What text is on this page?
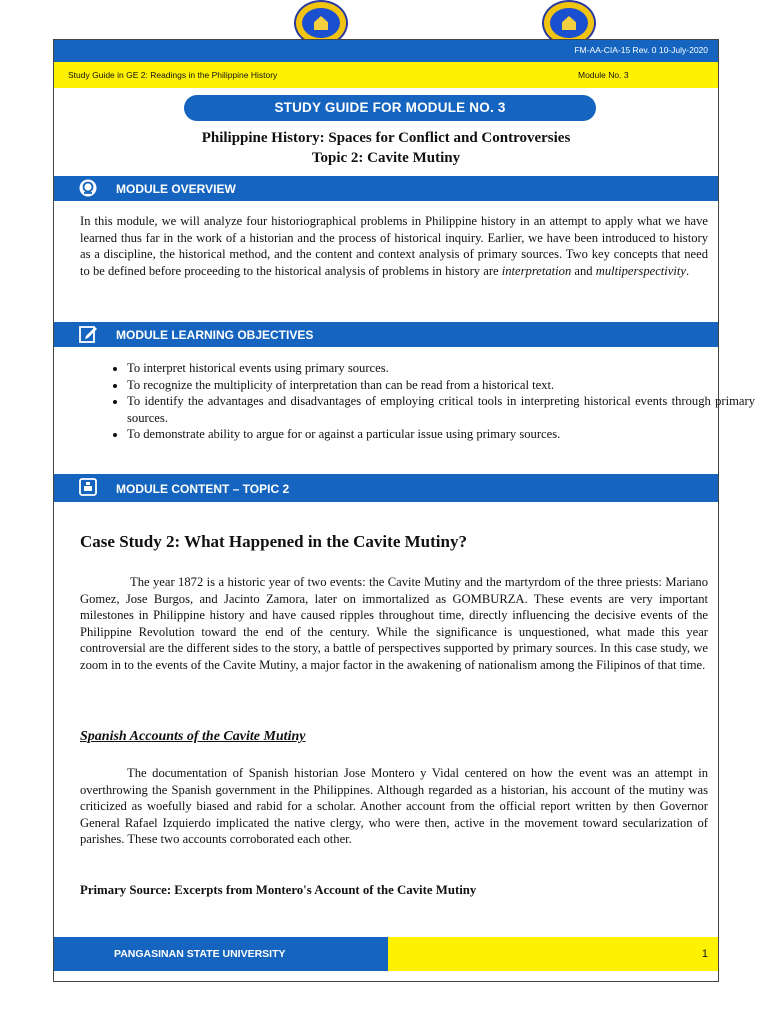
FM-AA-CIA-15 Rev. 0 10-July-2020
Study Guide in GE 2: Readings in the Philippine History	Module No. 3
STUDY GUIDE FOR MODULE NO. 3
Philippine History: Spaces for Conflict and Controversies
Topic 2: Cavite Mutiny
MODULE OVERVIEW

In this module, we will analyze four historiographical problems in Philippine history in an attempt to apply what we have learned thus far in the work of a historian and the process of historical inquiry. Earlier, we have been introduced to history as a discipline, the historical method, and the content and context analysis of primary sources. Two key concepts that need to be defined before proceeding to the historical analysis of problems in history are interpretation and multiperspectivity.

MODULE LEARNING OBJECTIVES
• To interpret historical events using primary sources.
• To recognize the multiplicity of interpretation than can be read from a historical text.
• To identify the advantages and disadvantages of employing critical tools in interpreting historical events through primary sources.
• To demonstrate ability to argue for or against a particular issue using primary sources.
MODULE CONTENT – TOPIC 2
Case Study 2: What Happened in the Cavite Mutiny?

The year 1872 is a historic year of two events: the Cavite Mutiny and the martyrdom of the three priests: Mariano Gomez, Jose Burgos, and Jacinto Zamora, later on immortalized as GOMBURZA. These events are very important milestones in Philippine history and have caused ripples throughout time, directly influencing the decisive events of the Philippine Revolution toward the end of the century. While the significance is unquestioned, what made this year controversial are the different sides to the story, a battle of perspectives supported by primary sources. In this case study, we zoom in to the events of the Cavite Mutiny, a major factor in the awakening of nationalism among the Filipinos of that time.

Spanish Accounts of the Cavite Mutiny

The documentation of Spanish historian Jose Montero y Vidal centered on how the event was an attempt in overthrowing the Spanish government in the Philippines. Although regarded as a historian, his account of the mutiny was criticized as woefully biased and rabid for a scholar. Another account from the official report written by then Governor General Rafael Izquierdo implicated the native clergy, who were then, active in the movement toward secularization of parishes. These two accounts corroborated each other.

Primary Source: Excerpts from Montero's Account of the Cavite Mutiny
PANGASINAN STATE UNIVERSITY	1
